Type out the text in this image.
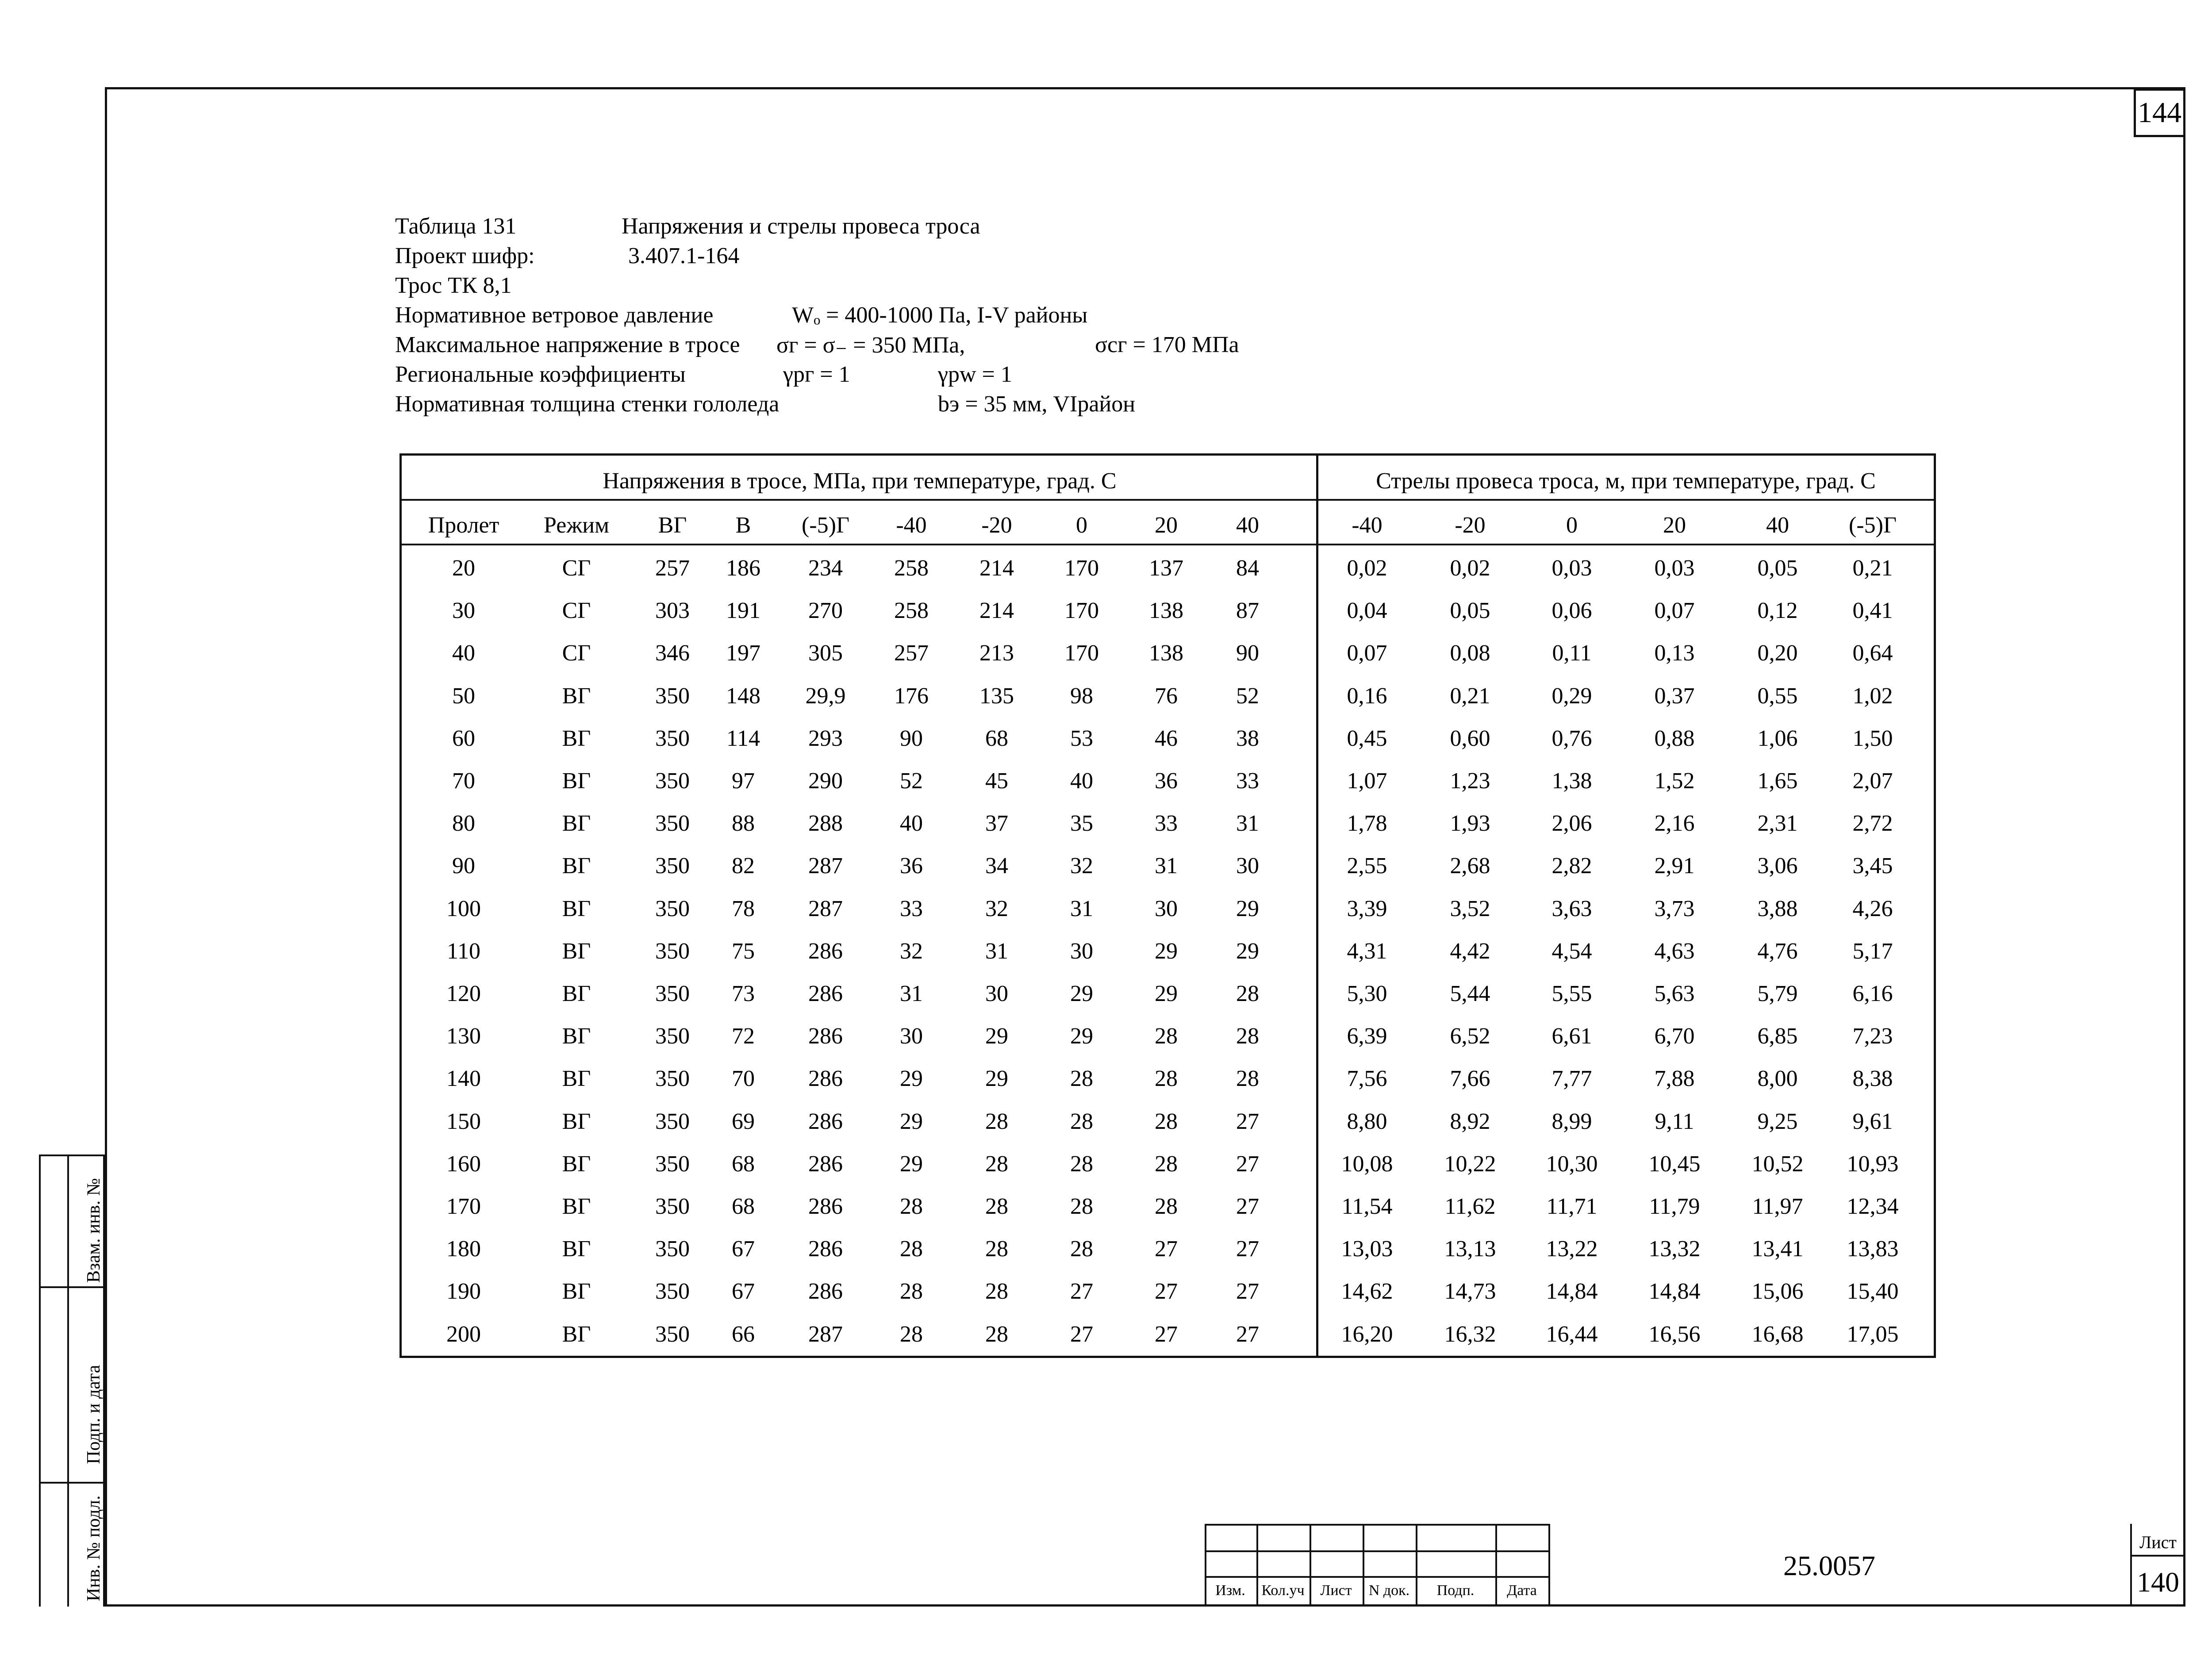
144
Таблица 131	Напряжения и стрелы провеса троса
Проект шифр:	3.407.1-164
Трос ТК 8,1
Нормативное ветровое давление	Wₒ = 400-1000 Па, I-V районы
Максимальное напряжение в тросе σг = σ₋ = 350 МПа,	σсг = 170 МПа
Региональные коэффициенты	γpг = 1	γpw = 1
Нормативная толщина стенки гололеда	bэ = 35 мм, VIрайон
Напряжения в тросе, МПа, при температуре, град. С	Стрелы провеса троса, м, при температуре, град. С
Пролет Режим ВГ В (-5)Г -40 -20	0	20	40	-40	-20	0	20	40	(-5)Г
20	СГ	257 186 234 258 214 170 137 84	0,02	0,02	0,03	0,03	0,05 0,21
30	СГ	303 191 270 258 214 170 138 87	0,04	0,05	0,06	0,07	0,12 0,41
40	СГ	346 197 305 257 213 170 138 90	0,07	0,08	0,11	0,13	0,20 0,64
50	ВГ	350 148 29,9 176 135 98	76	52	0,16	0,21	0,29	0,37	0,55 1,02
60	ВГ	350 114 293 90	68	53	46	38	0,45	0,60	0,76	0,88	1,06 1,50
70	ВГ	350 97 290 52	45	40	36	33	1,07	1,23	1,38	1,52	1,65 2,07
80	ВГ	350 88 288 40	37	35	33	31	1,78	1,93	2,06	2,16	2,31 2,72
90	ВГ	350 82 287 36	34	32	31	30	2,55	2,68	2,82	2,91	3,06 3,45
100	ВГ	350 78 287 33	32	31	30	29	3,39	3,52	3,63	3,73	3,88 4,26
110	ВГ	350 75 286 32	31	30	29	29	4,31	4,42	4,54	4,63	4,76 5,17
120	ВГ	350 73 286 31	30	29	29	28	5,30	5,44	5,55	5,63	5,79 6,16
130	ВГ	350 72 286 30	29	29	28	28	6,39	6,52	6,61	6,70	6,85 7,23
140	ВГ	350 70 286 29	29	28	28	28	7,56	7,66	7,77	7,88	8,00 8,38
150	ВГ	350 69 286 29	28	28	28	27	8,80	8,92	8,99	9,11	9,25 9,61
160	ВГ	350 68 286 29	28	28	28	27	10,08 10,22 10,30 10,45 10,52 10,93
170	ВГ	350 68 286 28	28	28	28	27	11,54 11,62 11,71 11,79 11,97 12,34
180	ВГ	350 67 286 28	28	28	27	27	13,03 13,13 13,22 13,32 13,41 13,83
190	ВГ	350 67 286 28	28	27	27	27	14,62 14,73 14,84 14,84 15,06 15,40
200	ВГ	350 66 287 28	28	27	27	27	16,20 16,32 16,44 16,56 16,68 17,05
Взам. инв. №
Подп. и дата
Инв. № подл.	Изм. Кол.уч Лист N док. Подп. Дата
25.0057
Лист
140
